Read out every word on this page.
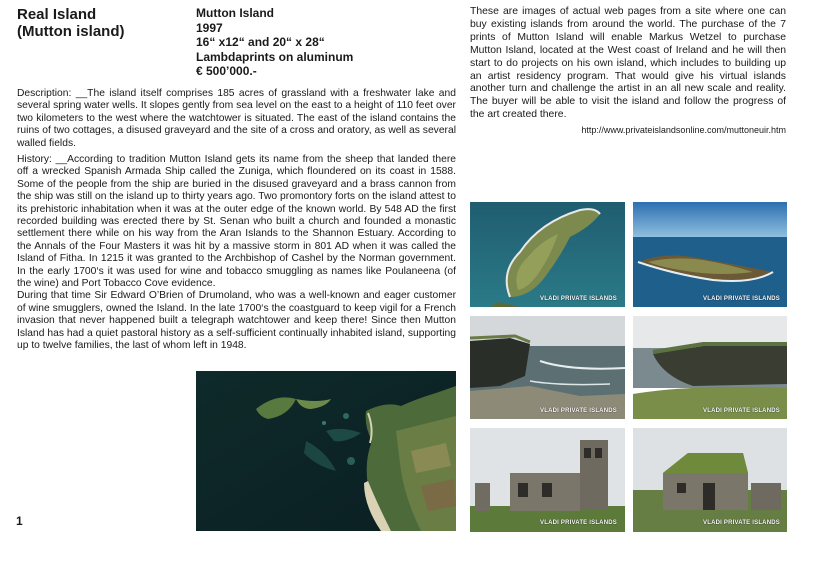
Real Island
(Mutton island)
Mutton Island
1997
16“ x12“ and 20“ x 28“
Lambdaprints on aluminum
€ 500’000.-
Description: __The island itself comprises 185 acres of grassland with a freshwater lake and several spring water wells. It slopes gently from sea level on the east to a height of 110 feet over two kilometers to the west where the watchtower is situated. The east of the island contains the ruins of two cottages, a disused graveyard and the site of a cross and oratory, as well as several walled fields.

History: __According to tradition Mutton Island gets its name from the sheep that landed there off a wrecked Spanish Armada Ship called the Zuniga, which floundered on its coast in 1588. Some of the people from the ship are buried in the disused graveyard and a brass cannon from the ship was still on the island up to thirty years ago. Two promontory forts on the island attest to its prehistoric inhabitation when it was at the outer edge of the known world. By 548 AD the first recorded building was erected there by St. Senan who built a church and founded a monastic settlement there while on his way from the Aran Islands to the Shannon Estuary. According to the Annals of the Four Masters it was hit by a massive storm in 801 AD when it was called the Island of Fitha. In 1215 it was granted to the Archbishop of Cashel by the Norman government. In the early 1700‘s it was used for wine and tobacco smuggling as names like Poulaneena (of the wine) and Port Tobacco Cove evidence.

During that time Sir Edward O’Brien of Drumoland, who was a well-known and eager customer of wine smugglers, owned the Island. In the late 1700‘s the coastguard to keep vigil for a French invasion that never happened built a telegraph watchtower and keep there! Since then Mutton Island has had a quiet pastoral history as a self-sufficient continually inhabited island, supporting up to twelve families, the last of whom left in 1948.

These are images of actual web pages from a site where one can buy existing islands from around the world. The purchase of the 7 prints of Mutton Island will enable Markus Wetzel to purchase Mutton Island, located at the West coast of Ireland and he will then start to do projects on his own island, which includes to building up an artist residency program. That would give his virtual islands another turn and challenge the artist in an all new scale and reality. The buyer will be able to visit the island and follow the progress of the art created there.
http://www.privateislandsonline.com/muttoneuir.htm
VLADI PRIVATE ISLANDS	VLADI PRIVATE ISLANDS
VLADI PRIVATE ISLANDS	VLADI PRIVATE ISLANDS
VLADI PRIVATE ISLANDS	VLADI PRIVATE ISLANDS
1
